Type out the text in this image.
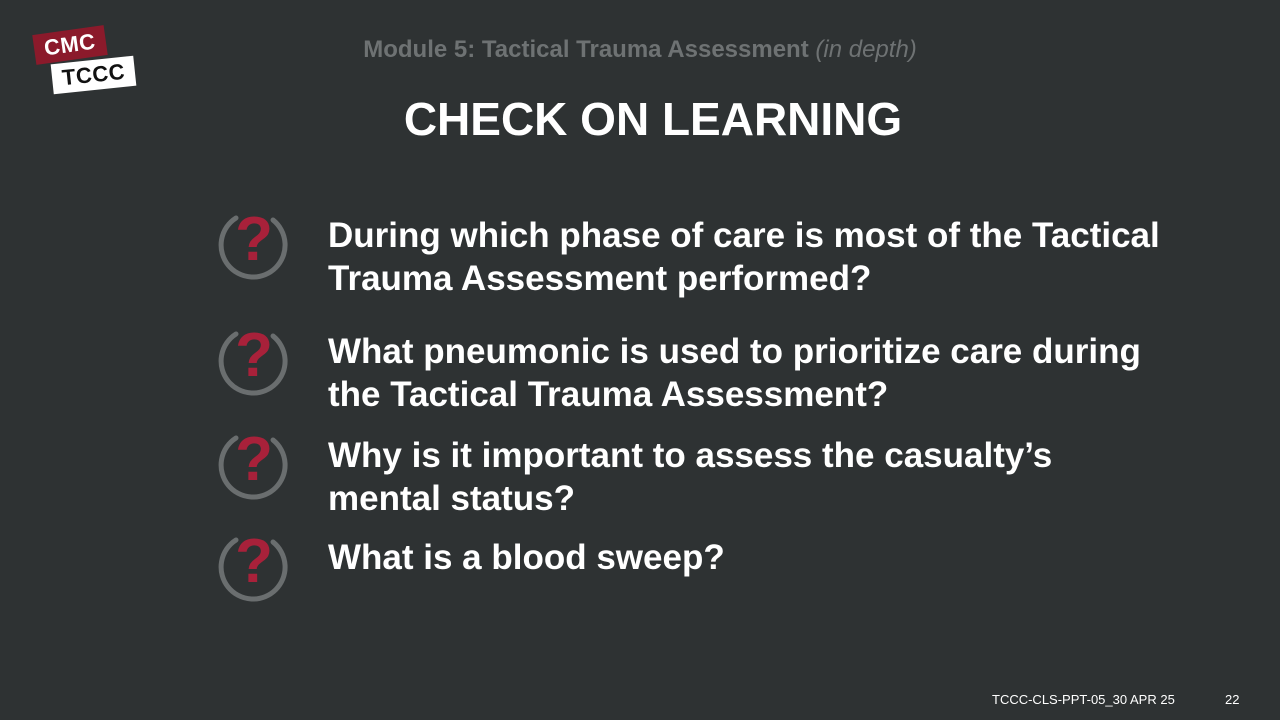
CMC
TCCC
Module 5: Tactical Trauma Assessment (in depth)
CHECK ON LEARNING
? During which phase of care is most of the Tactical Trauma Assessment performed?
? What pneumonic is used to prioritize care during the Tactical Trauma Assessment?
? Why is it important to assess the casualty’s mental status?
? What is a blood sweep?
TCCC-CLS-PPT-05_30 APR 25	22
